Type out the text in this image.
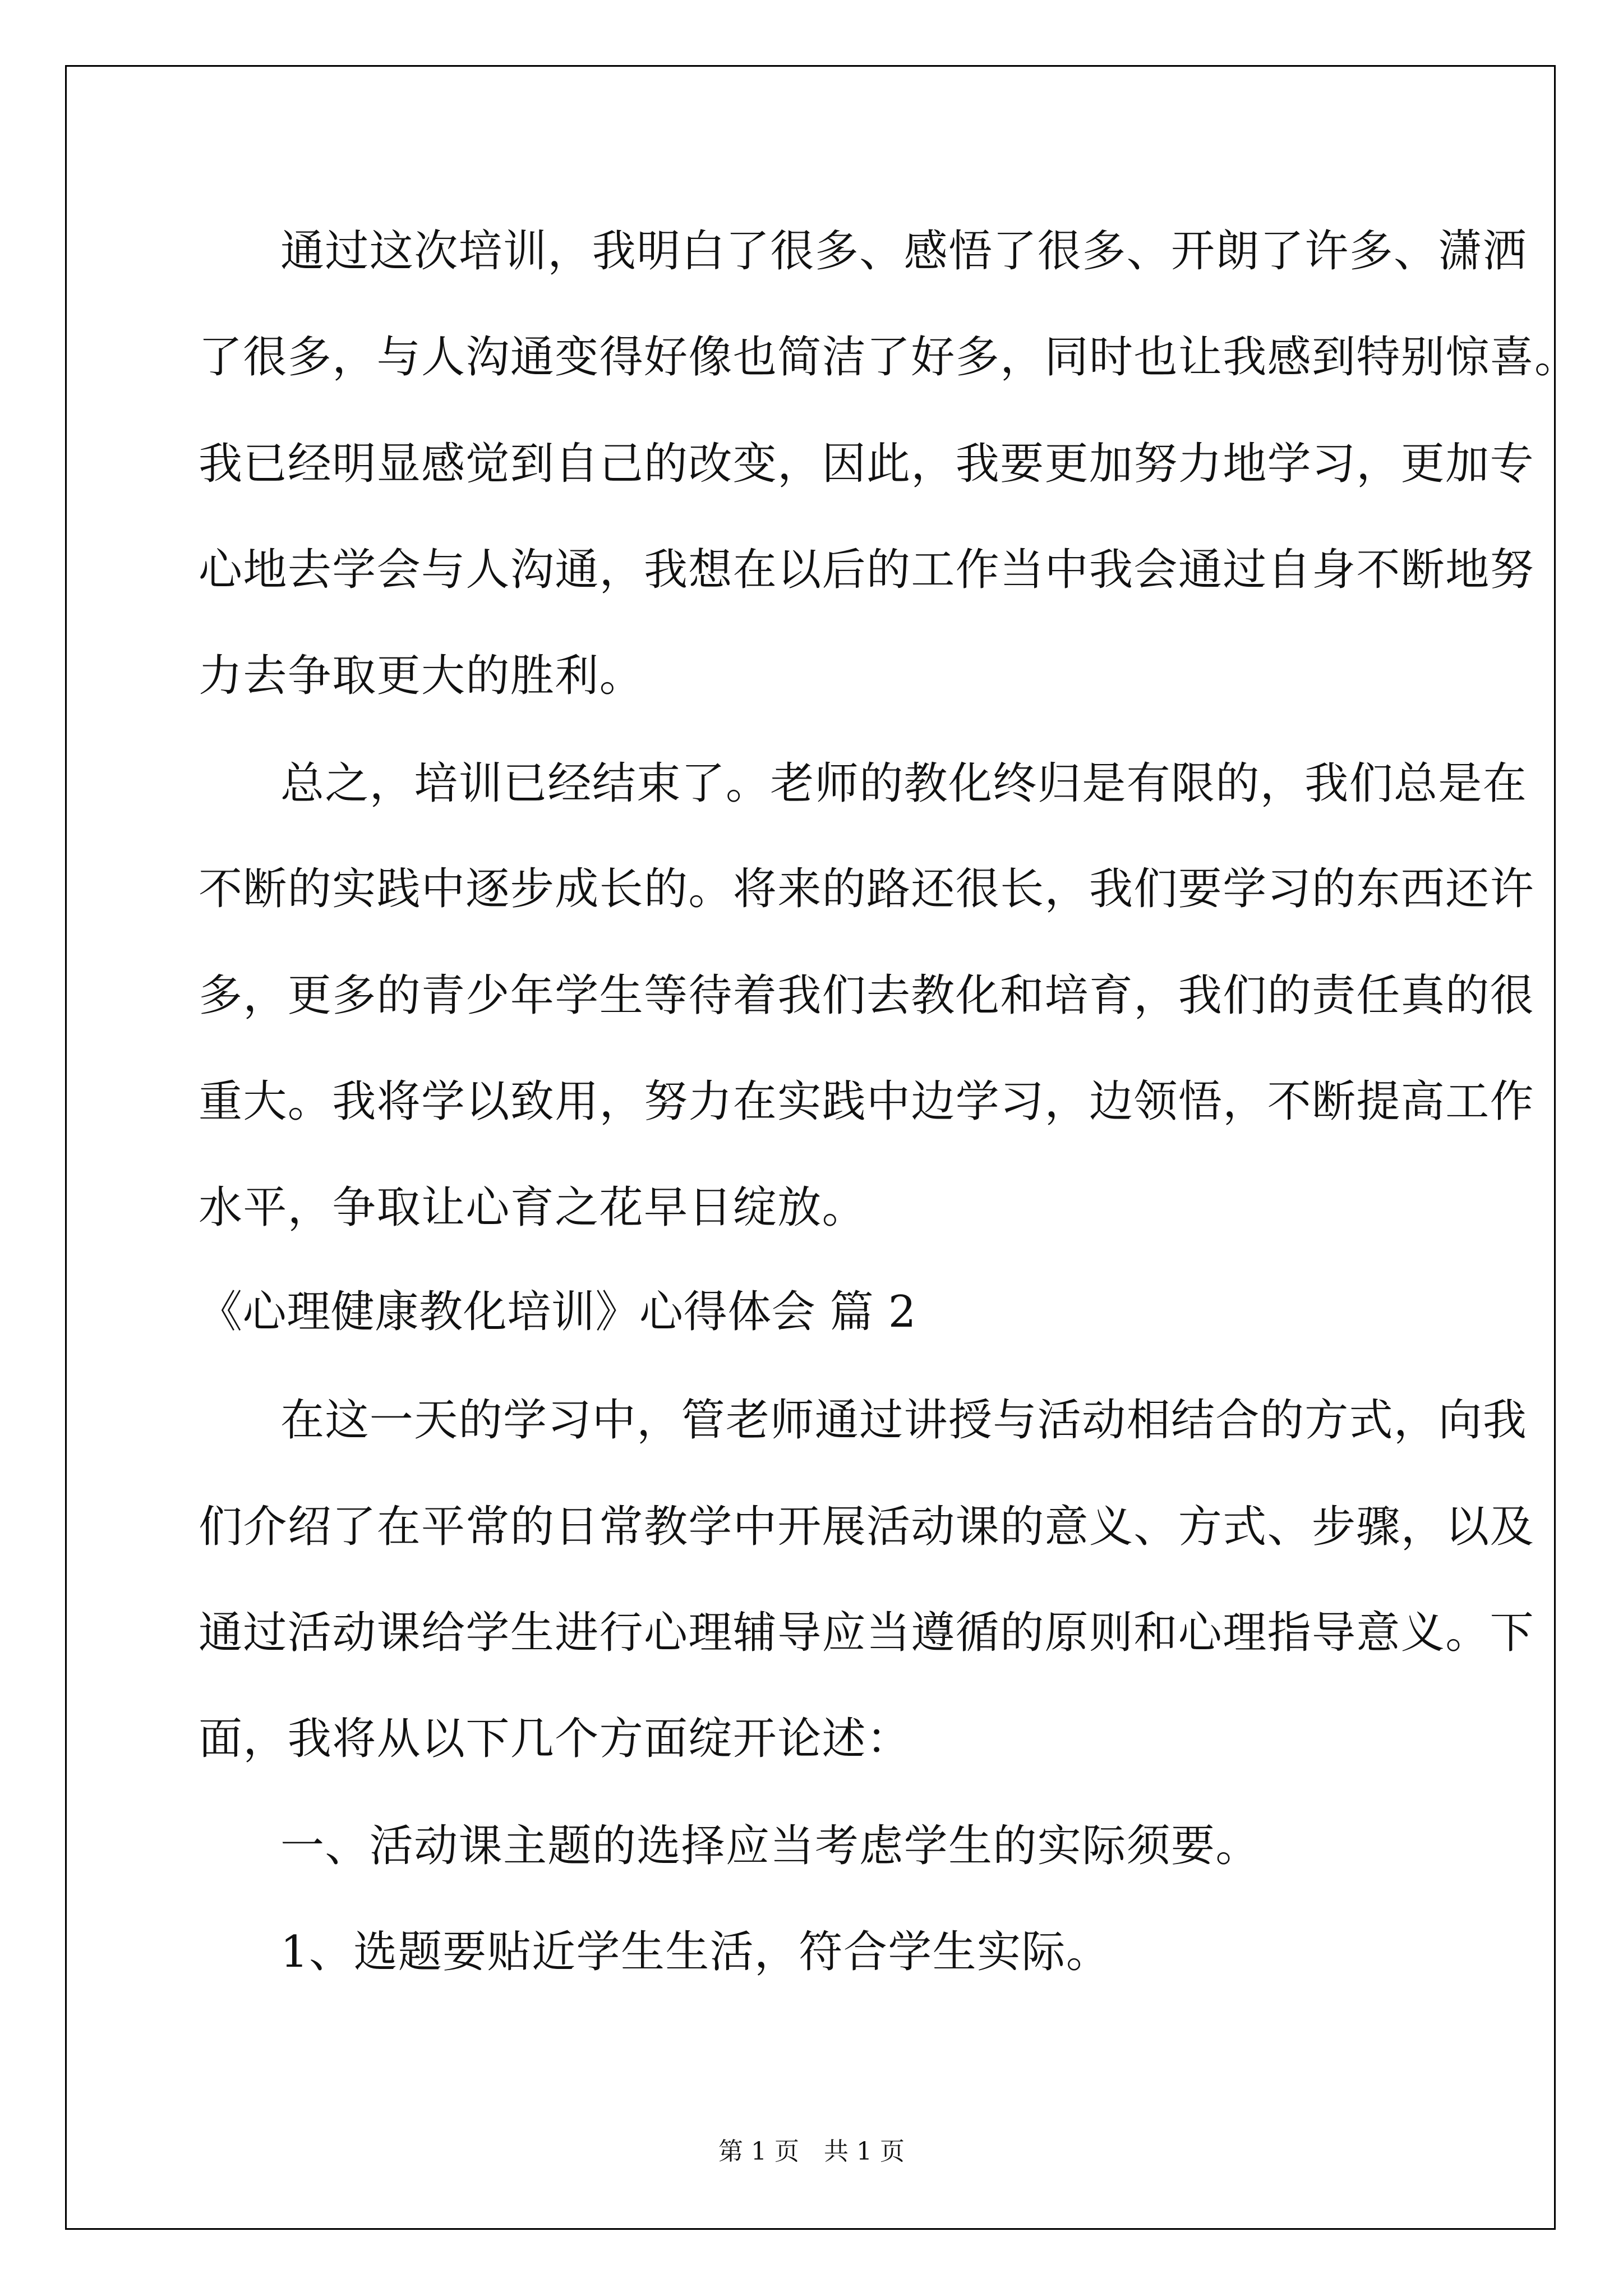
通过这次培训，我明白了很多、感悟了很多、开朗了许多、潇洒

了很多，与人沟通变得好像也简洁了好多，同时也让我感到特别惊喜。

我已经明显感觉到自己的改变，因此，我要更加努力地学习，更加专

心地去学会与人沟通，我想在以后的工作当中我会通过自身不断地努

力去争取更大的胜利。

总之，培训已经结束了。老师的教化终归是有限的，我们总是在

不断的实践中逐步成长的。将来的路还很长，我们要学习的东西还许

多，更多的青少年学生等待着我们去教化和培育，我们的责任真的很

重大。我将学以致用，努力在实践中边学习，边领悟，不断提高工作

水平，争取让心育之花早日绽放。

《心理健康教化培训》心得体会 篇 2

在这一天的学习中，管老师通过讲授与活动相结合的方式，向我

们介绍了在平常的日常教学中开展活动课的意义、方式、步骤，以及

通过活动课给学生进行心理辅导应当遵循的原则和心理指导意义。下

面，我将从以下几个方面绽开论述：

一、活动课主题的选择应当考虑学生的实际须要。

1、选题要贴近学生生活，符合学生实际。

第 1 页　共 1 页
